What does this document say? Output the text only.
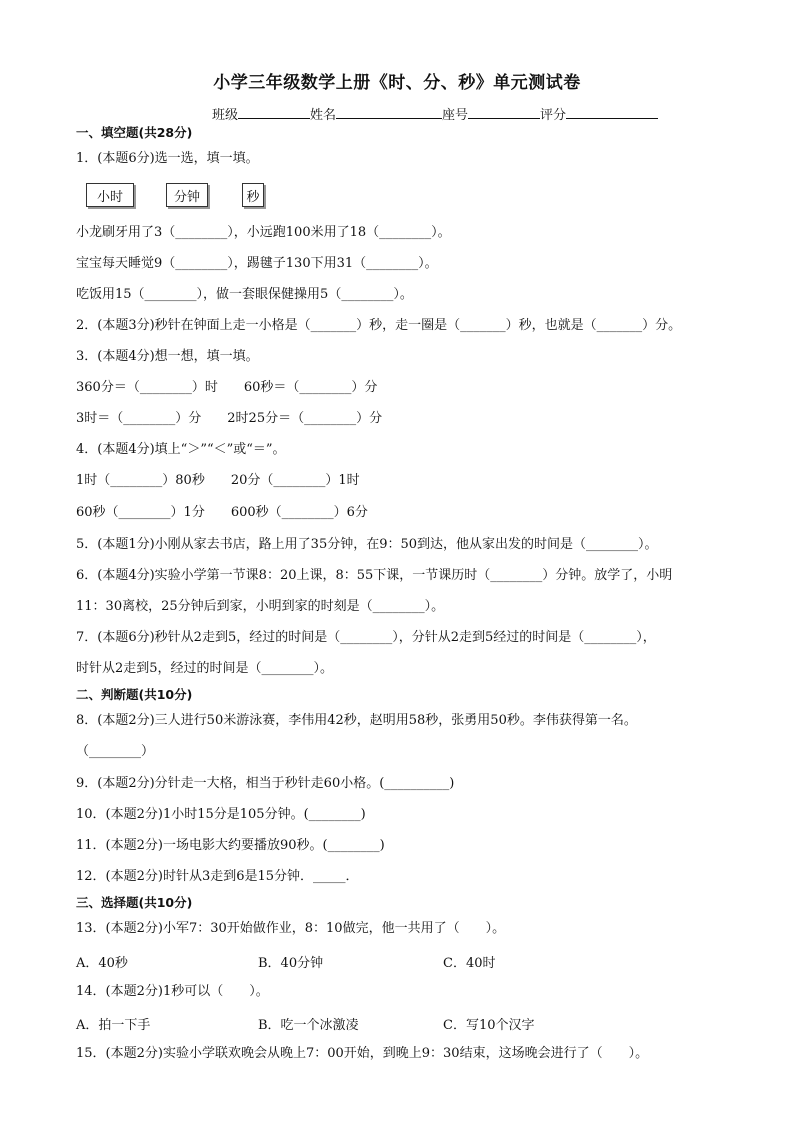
小学三年级数学上册《时、分、秒》单元测试卷
班级	姓名	座号	评分
一、填空题(共28分)
1．(本题6分)选一选，填一填。
小时	分钟	秒
小龙刷牙用了3（________），小远跑100米用了18（________）。
宝宝每天睡觉9（________），踢毽子130下用31（________）。
吃饭用15（________），做一套眼保健操用5（________）。
2．(本题3分)秒针在钟面上走一小格是（_______）秒，走一圈是（_______）秒，也就是（_______）分。
3．(本题4分)想一想，填一填。
360分＝（________）时　　60秒＝（________）分
3时＝（________）分　　2时25分＝（________）分
4．(本题4分)填上“＞”“＜”或“＝”。
1时（________）80秒　　20分（________）1时
60秒（________）1分　　600秒（________）6分
5．(本题1分)小刚从家去书店，路上用了35分钟，在9：50到达，他从家出发的时间是（________）。
6．(本题4分)实验小学第一节课8：20上课，8：55下课，一节课历时（________）分钟。放学了，小明
11：30离校，25分钟后到家，小明到家的时刻是（________）。
7．(本题6分)秒针从2走到5，经过的时间是（________），分针从2走到5经过的时间是（________），
时针从2走到5，经过的时间是（________）。
二、判断题(共10分)
8．(本题2分)三人进行50米游泳赛，李伟用42秒，赵明用58秒，张勇用50秒。李伟获得第一名。
（________）
9．(本题2分)分针走一大格，相当于秒针走60小格。(__________)
10．(本题2分)1小时15分是105分钟。(________)
11．(本题2分)一场电影大约要播放90秒。(________)
12．(本题2分)时针从3走到6是15分钟．_____．
三、选择题(共10分)
13．(本题2分)小军7：30开始做作业，8：10做完，他一共用了（　　）。
A．40秒	B．40分钟	C．40时
14．(本题2分)1秒可以（　　）。
A．拍一下手	B．吃一个冰激凌	C．写10个汉字
15．(本题2分)实验小学联欢晚会从晚上7：00开始，到晚上9：30结束，这场晚会进行了（　　）。
